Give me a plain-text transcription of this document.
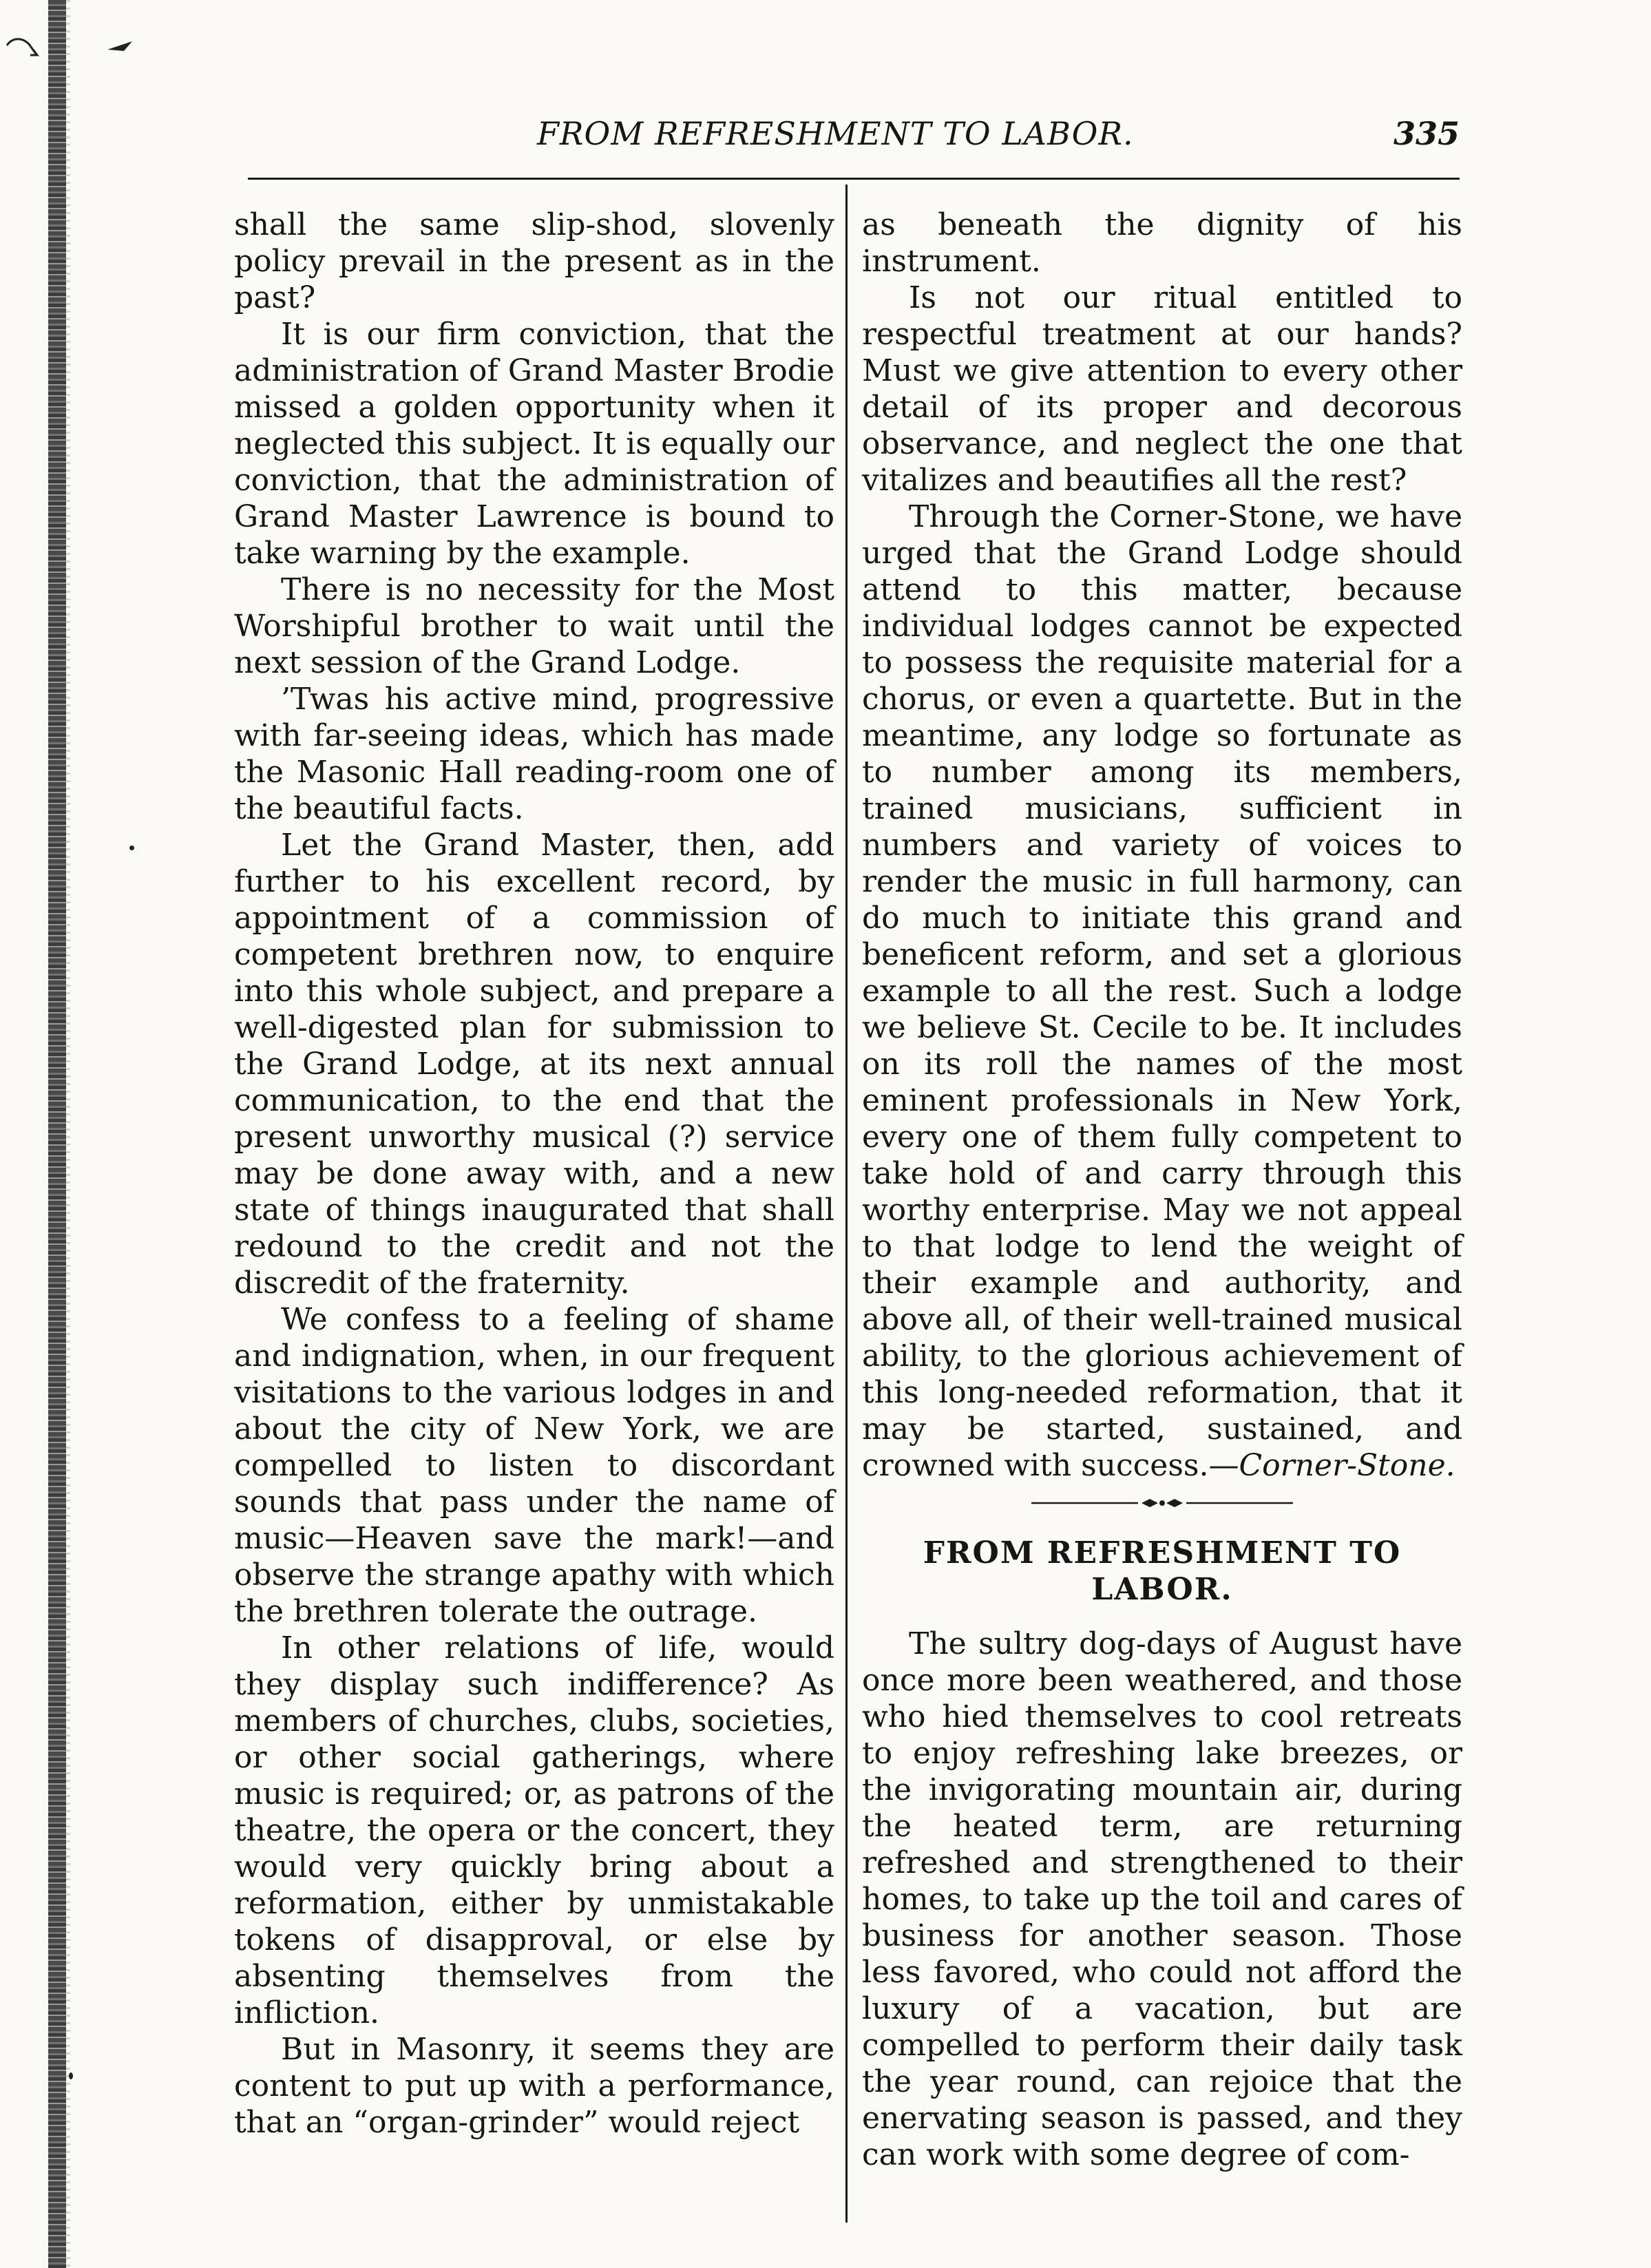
FROM REFRESHMENT TO LABOR.	335

shall the same slip-shod, slovenly policy prevail in the present as in the past?

It is our firm conviction, that the administration of Grand Master Brodie missed a golden opportunity when it neglected this subject. It is equally our conviction, that the administration of Grand Master Lawrence is bound to take warning by the example.

There is no necessity for the Most Worshipful brother to wait until the next session of the Grand Lodge.

’Twas his active mind, progressive with far-seeing ideas, which has made the Masonic Hall reading-room one of the beautiful facts.

Let the Grand Master, then, add further to his excellent record, by appointment of a commission of competent brethren now, to enquire into this whole subject, and prepare a well-digested plan for submission to the Grand Lodge, at its next annual communication, to the end that the present unworthy musical (?) service may be done away with, and a new state of things inaugurated that shall redound to the credit and not the discredit of the fraternity.

We confess to a feeling of shame and indignation, when, in our frequent visitations to the various lodges in and about the city of New York, we are compelled to listen to discordant sounds that pass under the name of music—Heaven save the mark!—and observe the strange apathy with which the brethren tolerate the outrage.

In other relations of life, would they display such indifference? As members of churches, clubs, societies, or other social gatherings, where music is required; or, as patrons of the theatre, the opera or the concert, they would very quickly bring about a reformation, either by unmistakable tokens of disapproval, or else by absenting themselves from the infliction.

But in Masonry, it seems they are content to put up with a performance, that an “organ-grinder” would reject

as beneath the dignity of his instrument.

Is not our ritual entitled to respectful treatment at our hands? Must we give attention to every other detail of its proper and decorous observance, and neglect the one that vitalizes and beautifies all the rest?

Through the Corner-Stone, we have urged that the Grand Lodge should attend to this matter, because individual lodges cannot be expected to possess the requisite material for a chorus, or even a quartette. But in the meantime, any lodge so fortunate as to number among its members, trained musicians, sufficient in numbers and variety of voices to render the music in full harmony, can do much to initiate this grand and beneficent reform, and set a glorious example to all the rest. Such a lodge we believe St. Cecile to be. It includes on its roll the names of the most eminent professionals in New York, every one of them fully competent to take hold of and carry through this worthy enterprise. May we not appeal to that lodge to lend the weight of their example and authority, and above all, of their well-trained musical ability, to the glorious achievement of this long-needed reformation, that it may be started, sustained, and crowned with success.—Corner-Stone.

FROM REFRESHMENT TO LABOR.

The sultry dog-days of August have once more been weathered, and those who hied themselves to cool retreats to enjoy refreshing lake breezes, or the invigorating mountain air, during the heated term, are returning refreshed and strengthened to their homes, to take up the toil and cares of business for another season. Those less favored, who could not afford the luxury of a vacation, but are compelled to perform their daily task the year round, can rejoice that the enervating season is passed, and they can work with some degree of com-
